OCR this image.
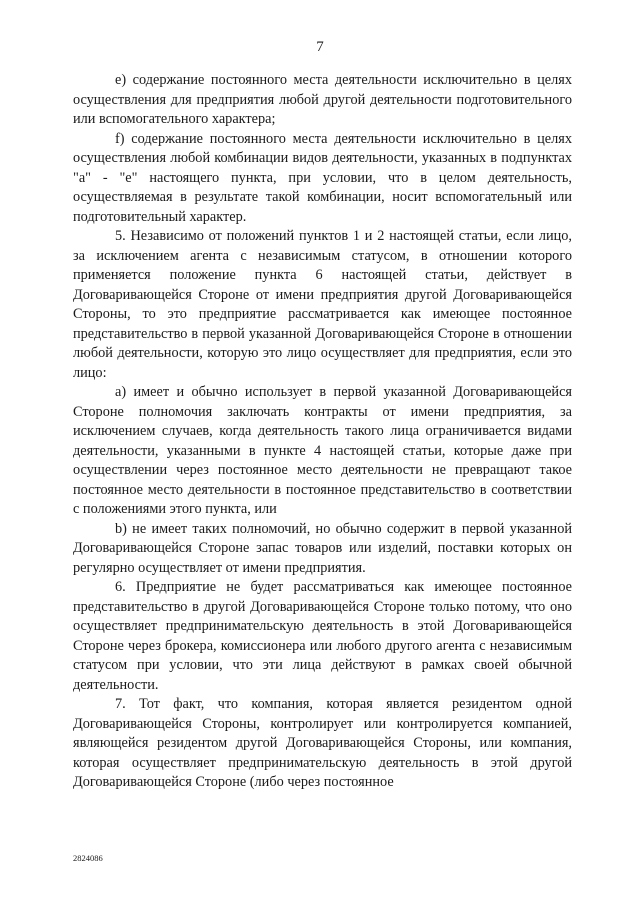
7

e) содержание постоянного места деятельности исключительно в целях осуществления для предприятия любой другой деятельности подготовительного или вспомогательного характера;

f) содержание постоянного места деятельности исключительно в целях осуществления любой комбинации видов деятельности, указанных в подпунктах "a" - "e" настоящего пункта, при условии, что в целом деятельность, осуществляемая в результате такой комбинации, носит вспомогательный или подготовительный характер.

5. Независимо от положений пунктов 1 и 2 настоящей статьи, если лицо, за исключением агента с независимым статусом, в отношении которого применяется положение пункта 6 настоящей статьи, действует в Договаривающейся Стороне от имени предприятия другой Договаривающейся Стороны, то это предприятие рассматривается как имеющее постоянное представительство в первой указанной Договаривающейся Стороне в отношении любой деятельности, которую это лицо осуществляет для предприятия, если это лицо:

a) имеет и обычно использует в первой указанной Договаривающейся Стороне полномочия заключать контракты от имени предприятия, за исключением случаев, когда деятельность такого лица ограничивается видами деятельности, указанными в пункте 4 настоящей статьи, которые даже при осуществлении через постоянное место деятельности не превращают такое постоянное место деятельности в постоянное представительство в соответствии с положениями этого пункта, или

b) не имеет таких полномочий, но обычно содержит в первой указанной Договаривающейся Стороне запас товаров или изделий, поставки которых он регулярно осуществляет от имени предприятия.

6. Предприятие не будет рассматриваться как имеющее постоянное представительство в другой Договаривающейся Стороне только потому, что оно осуществляет предпринимательскую деятельность в этой Договаривающейся Стороне через брокера, комиссионера или любого другого агента с независимым статусом при условии, что эти лица действуют в рамках своей обычной деятельности.

7. Тот факт, что компания, которая является резидентом одной Договаривающейся Стороны, контролирует или контролируется компанией, являющейся резидентом другой Договаривающейся Стороны, или компания, которая осуществляет предпринимательскую деятельность в этой другой Договаривающейся Стороне (либо через постоянное

2824086
